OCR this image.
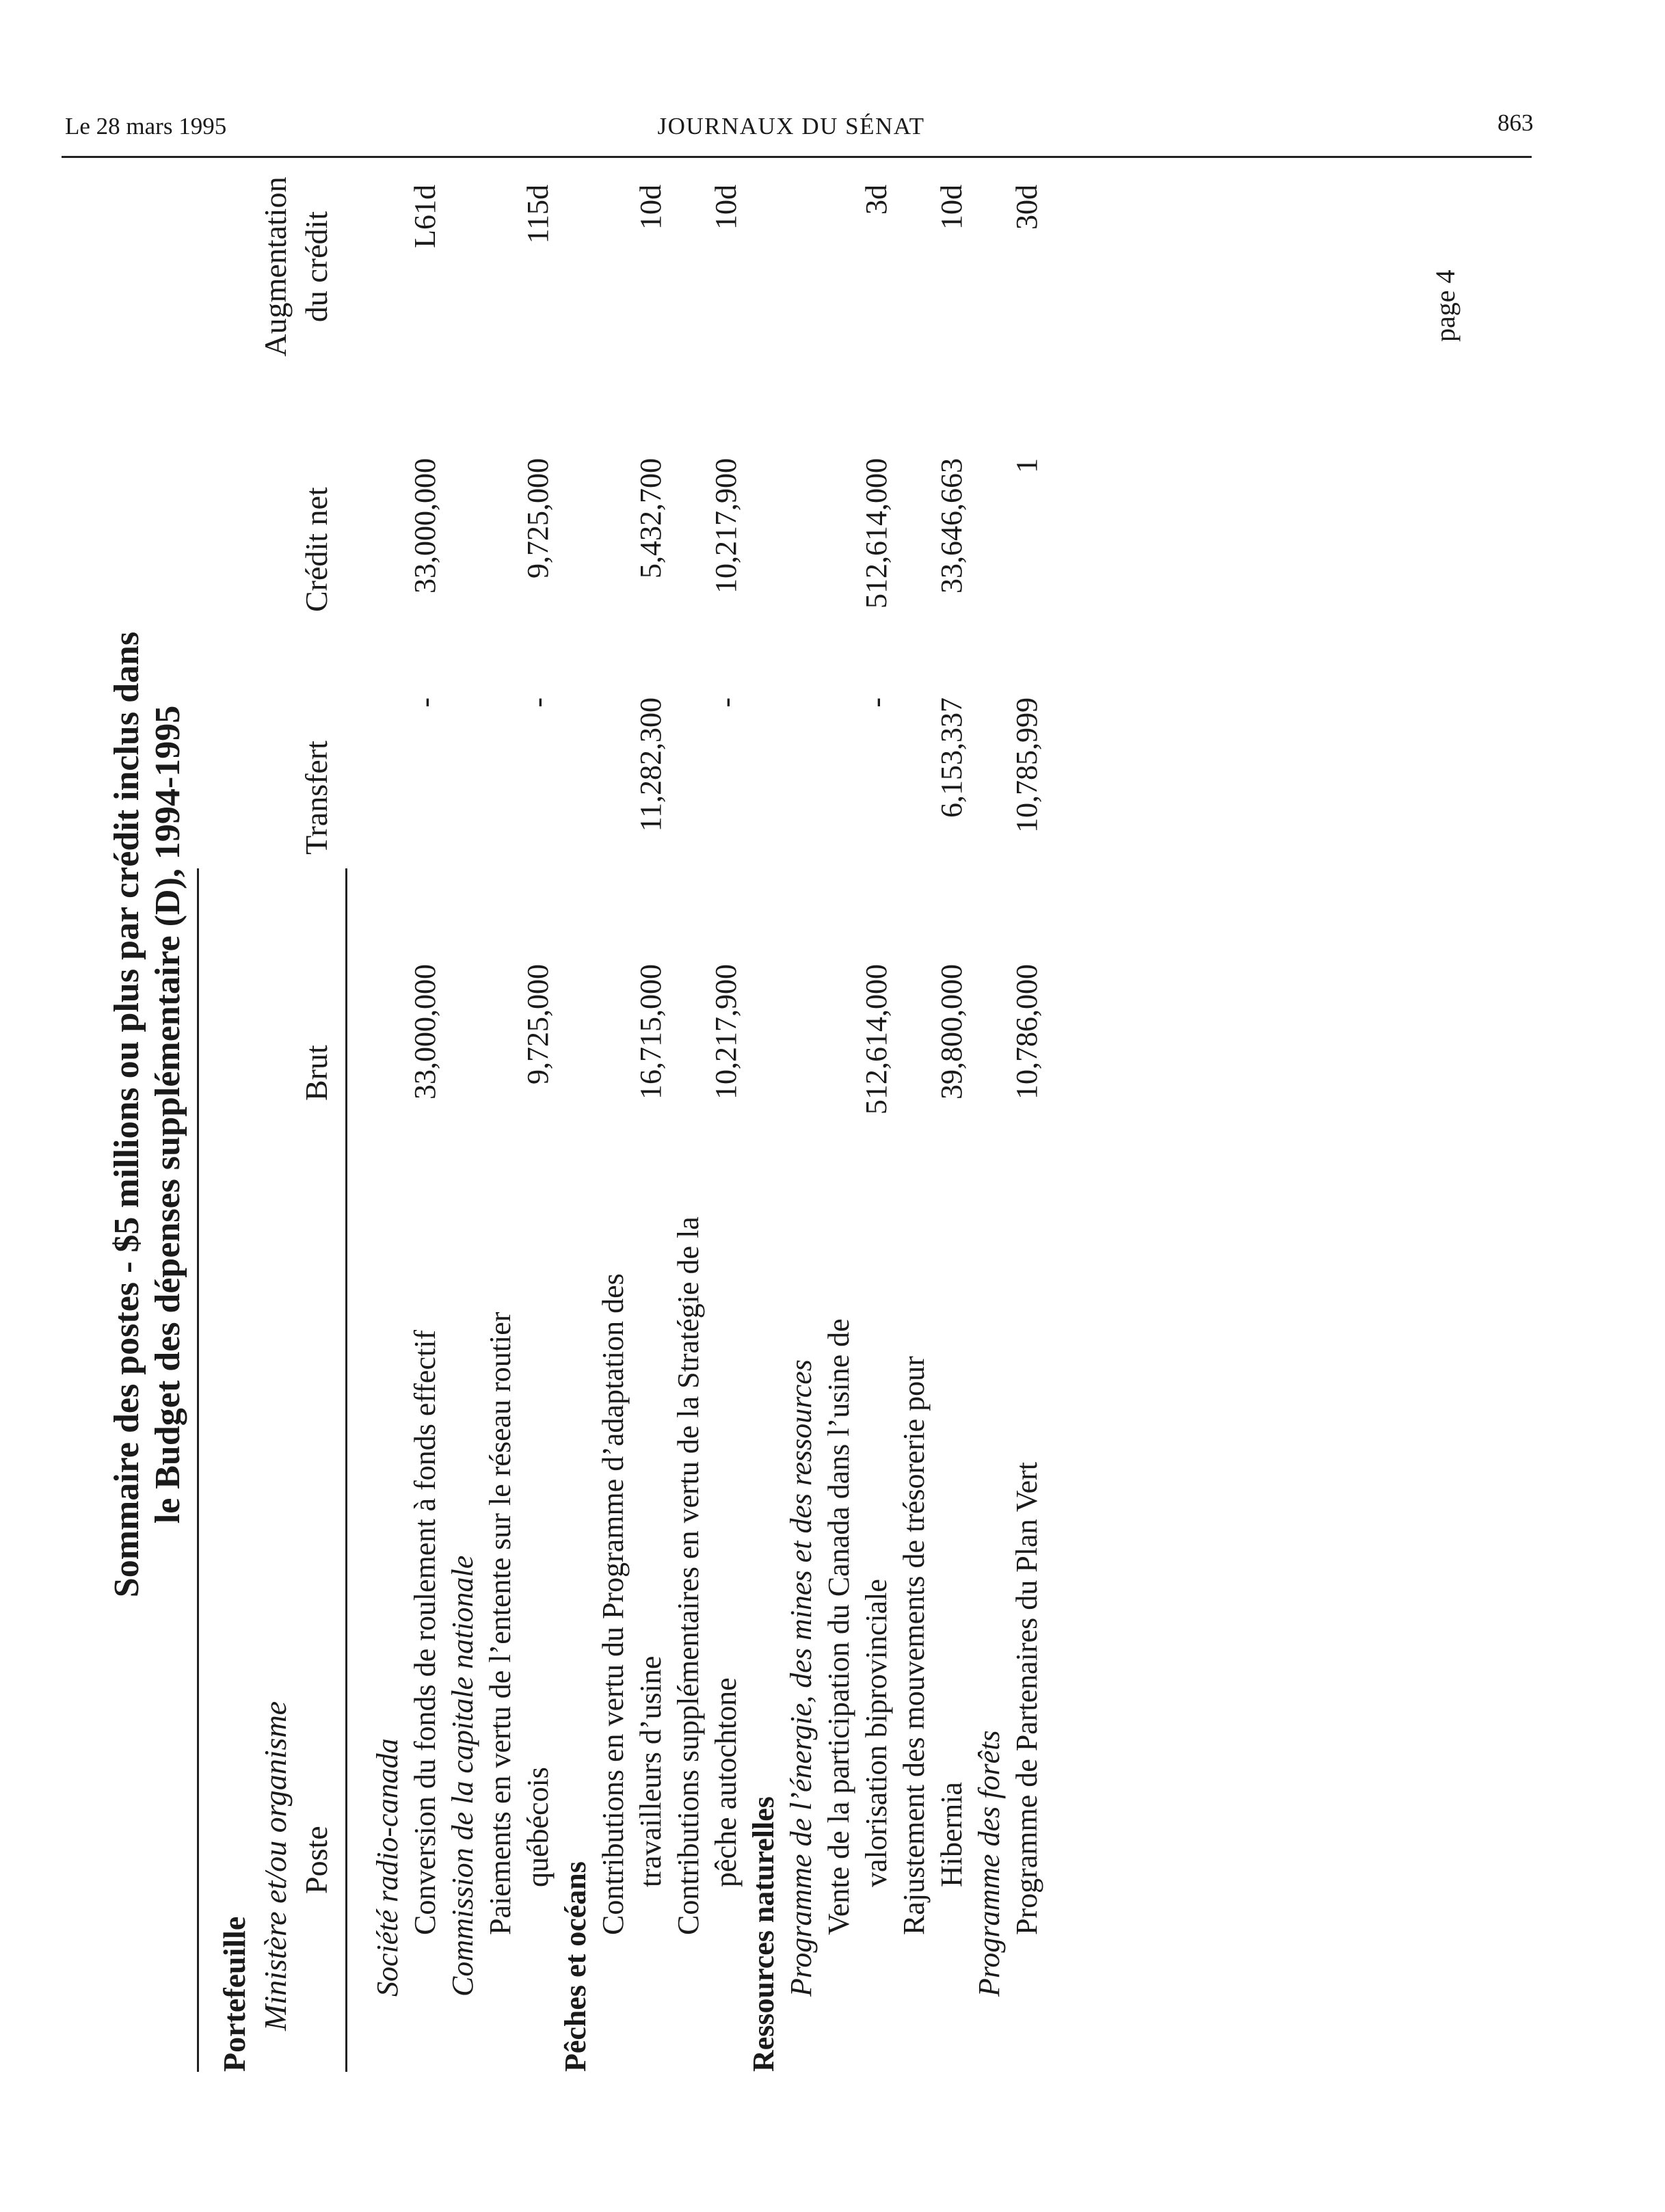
Le 28 mars 1995	JOURNAUX DU SÉNAT	863
Sommaire des postes - $5 millions ou plus par crédit inclus dans le Budget des dépenses supplémentaire (D), 1994-1995
Portefeuille Ministère et/ou organisme Poste
Brut
Transfert
Crédit net
Augmentation du crédit
Société radio-canada Conversion du fonds de roulement à fonds effectif
33,000,000
-
33,000,000
L61d
Commission de la capitale nationale Paiements en vertu de l’entente sur le réseau routier québécois
9,725,000
-
9,725,000
115d
Pêches et océans
Contributions en vertu du Programme d’adaptation des travailleurs d’usine
16,715,000
11,282,300
5,432,700
10d
Contributions supplémentaires en vertu de la Stratégie de la pêche autochtone
10,217,900
-
10,217,900
10d
Ressources naturelles Programme de l’énergie, des mines et des ressources Vente de la participation du Canada dans l’usine de valorisation biprovinciale
512,614,000
-
512,614,000
3d
Rajustement des mouvements de trésorerie pour Hibernia
39,800,000
6,153,337
33,646,663
10d
Programme des forêts Programme de Partenaires du Plan Vert
10,786,000
10,785,999
1
30d
page 4
